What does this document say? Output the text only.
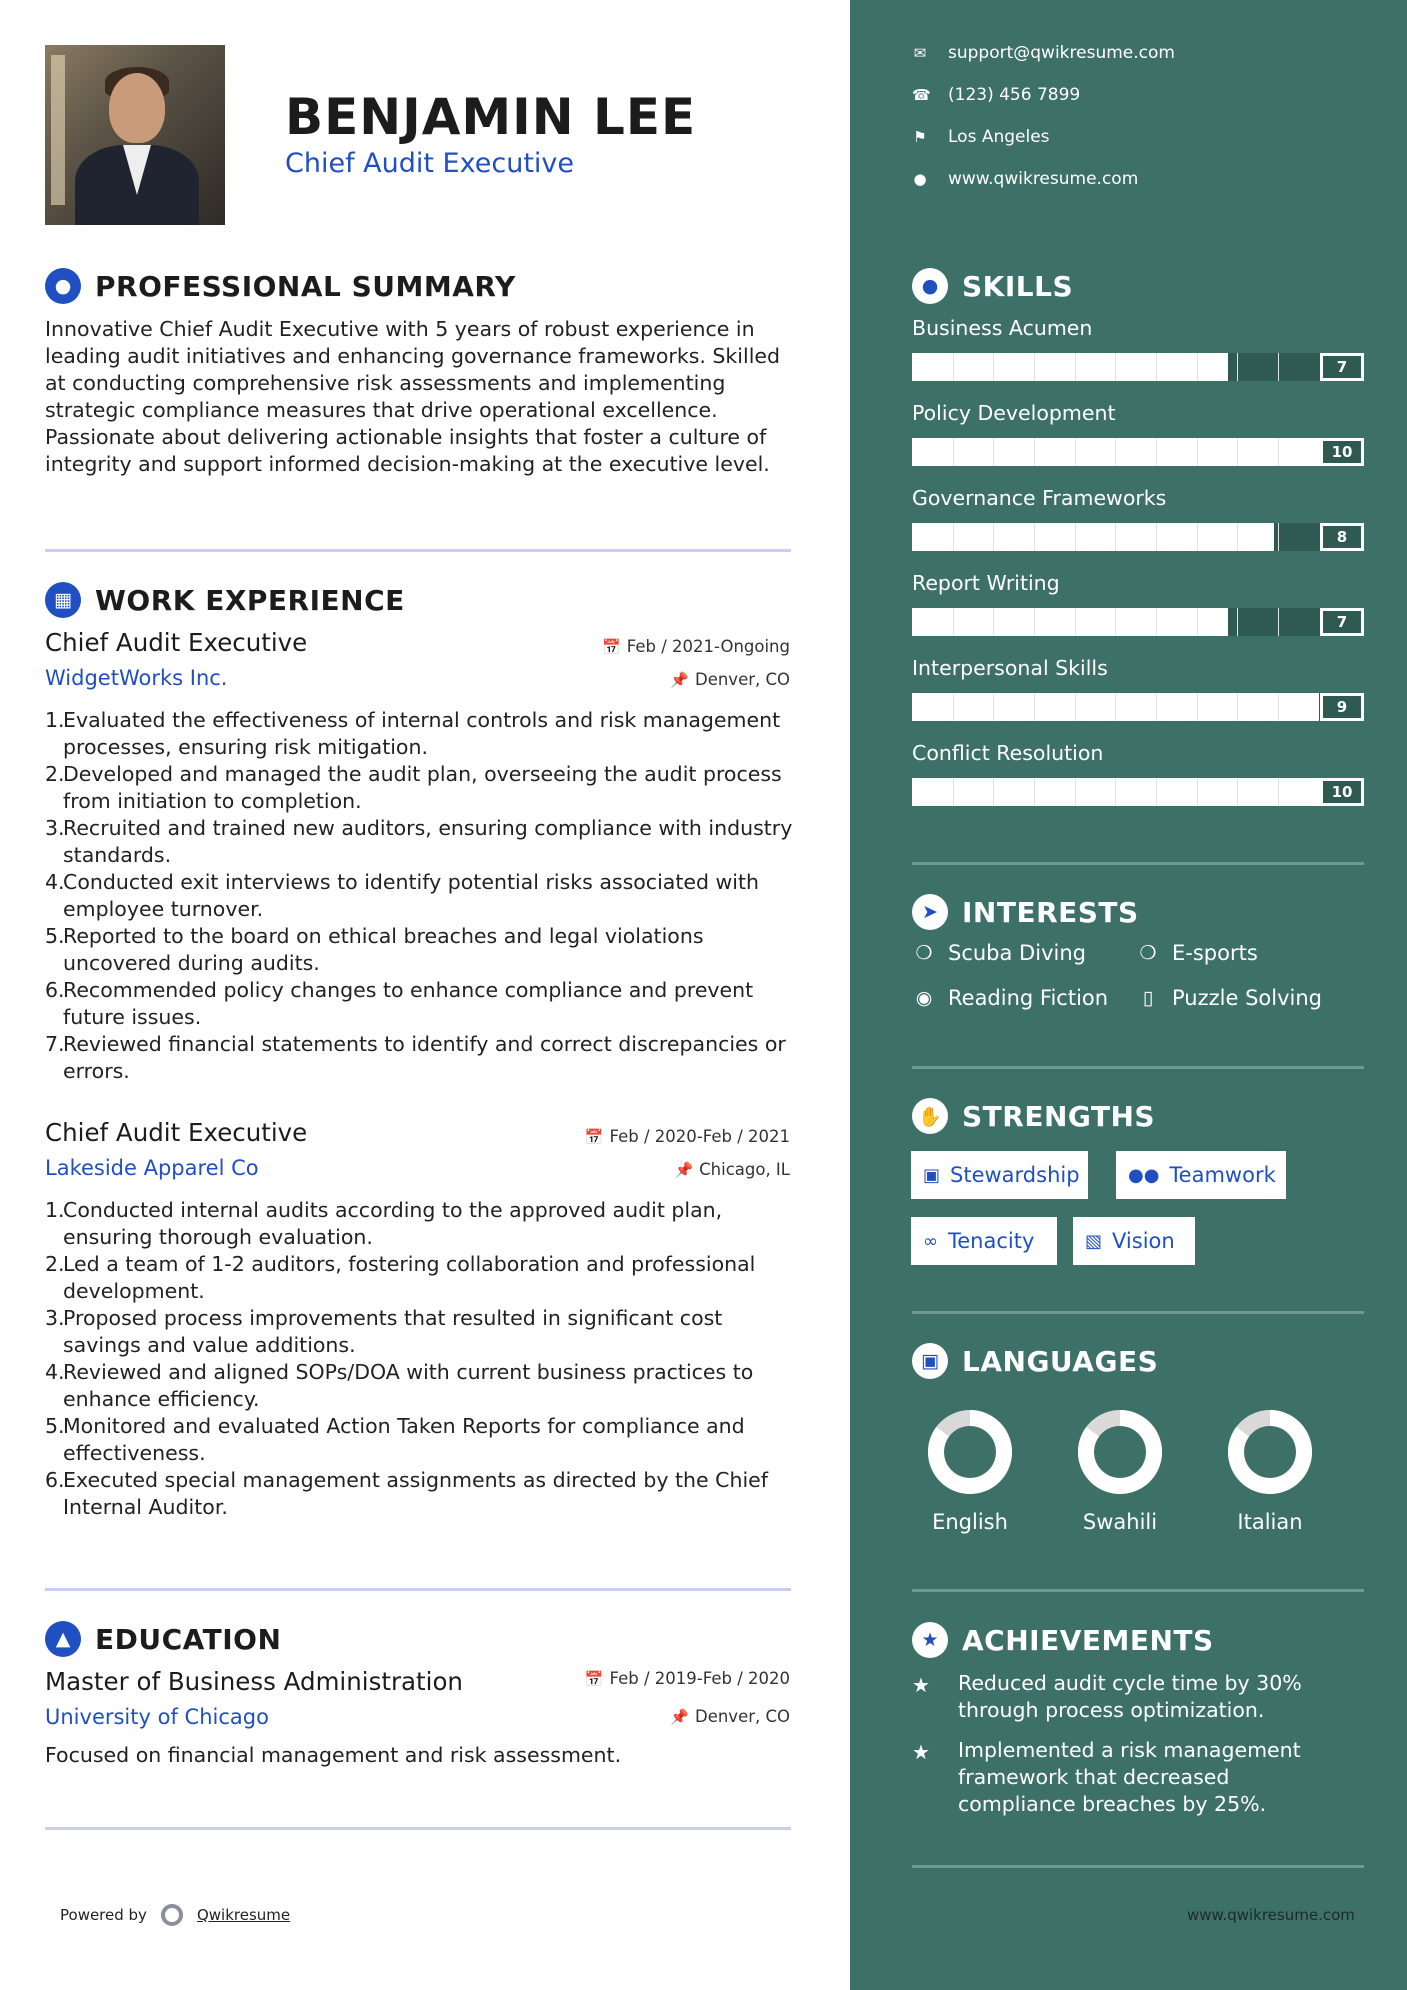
BENJAMIN LEE
Chief Audit Executive
● PROFESSIONAL SUMMARY

Innovative Chief Audit Executive with 5 years of robust experience in leading audit initiatives and enhancing governance frameworks. Skilled at conducting comprehensive risk assessments and implementing strategic compliance measures that drive operational excellence. Passionate about delivering actionable insights that foster a culture of integrity and support informed decision-making at the executive level.

▦ WORK EXPERIENCE
Chief Audit Executive	📅 Feb / 2021-Ongoing
WidgetWorks Inc.	📌 Denver, CO
1.
Evaluated the effectiveness of internal controls and risk management processes, ensuring risk mitigation.
2.
Developed and managed the audit plan, overseeing the audit process from initiation to completion.
3.
Recruited and trained new auditors, ensuring compliance with industry standards.
4.
Conducted exit interviews to identify potential risks associated with employee turnover.
5.
Reported to the board on ethical breaches and legal violations uncovered during audits.
6.
Recommended policy changes to enhance compliance and prevent future issues.
7.
Reviewed financial statements to identify and correct discrepancies or errors.
Chief Audit Executive	📅 Feb / 2020-Feb / 2021
Lakeside Apparel Co	📌 Chicago, IL
1.
Conducted internal audits according to the approved audit plan, ensuring thorough evaluation.
2.
Led a team of 1-2 auditors, fostering collaboration and professional development.
3.
Proposed process improvements that resulted in significant cost savings and value additions.
4.
Reviewed and aligned SOPs/DOA with current business practices to enhance efficiency.
5.
Monitored and evaluated Action Taken Reports for compliance and effectiveness.
6.
Executed special management assignments as directed by the Chief Internal Auditor.
▲ EDUCATION
Master of Business Administration	📅 Feb / 2019-Feb / 2020
University of Chicago	📌 Denver, CO
Focused on financial management and risk assessment.
Powered by	Qwikresume
✉ support@qwikresume.com
☎ (123) 456 7899
⚑ Los Angeles
● www.qwikresume.com
● SKILLS
Business Acumen
7
Policy Development
10
Governance Frameworks
8
Report Writing
7
Interpersonal Skills
9
Conflict Resolution
10
➤ INTERESTS
❍ Scuba Diving	❍ E-sports
◉ Reading Fiction	▯ Puzzle Solving
✋ STRENGTHS
▣ Stewardship	●● Teamwork
∞ Tenacity	▧ Vision
▣ LANGUAGES
English	Swahili	Italian
★ ACHIEVEMENTS
★	Reduced audit cycle time by 30% through process optimization.
★	Implemented a risk management framework that decreased compliance breaches by 25%.
www.qwikresume.com
